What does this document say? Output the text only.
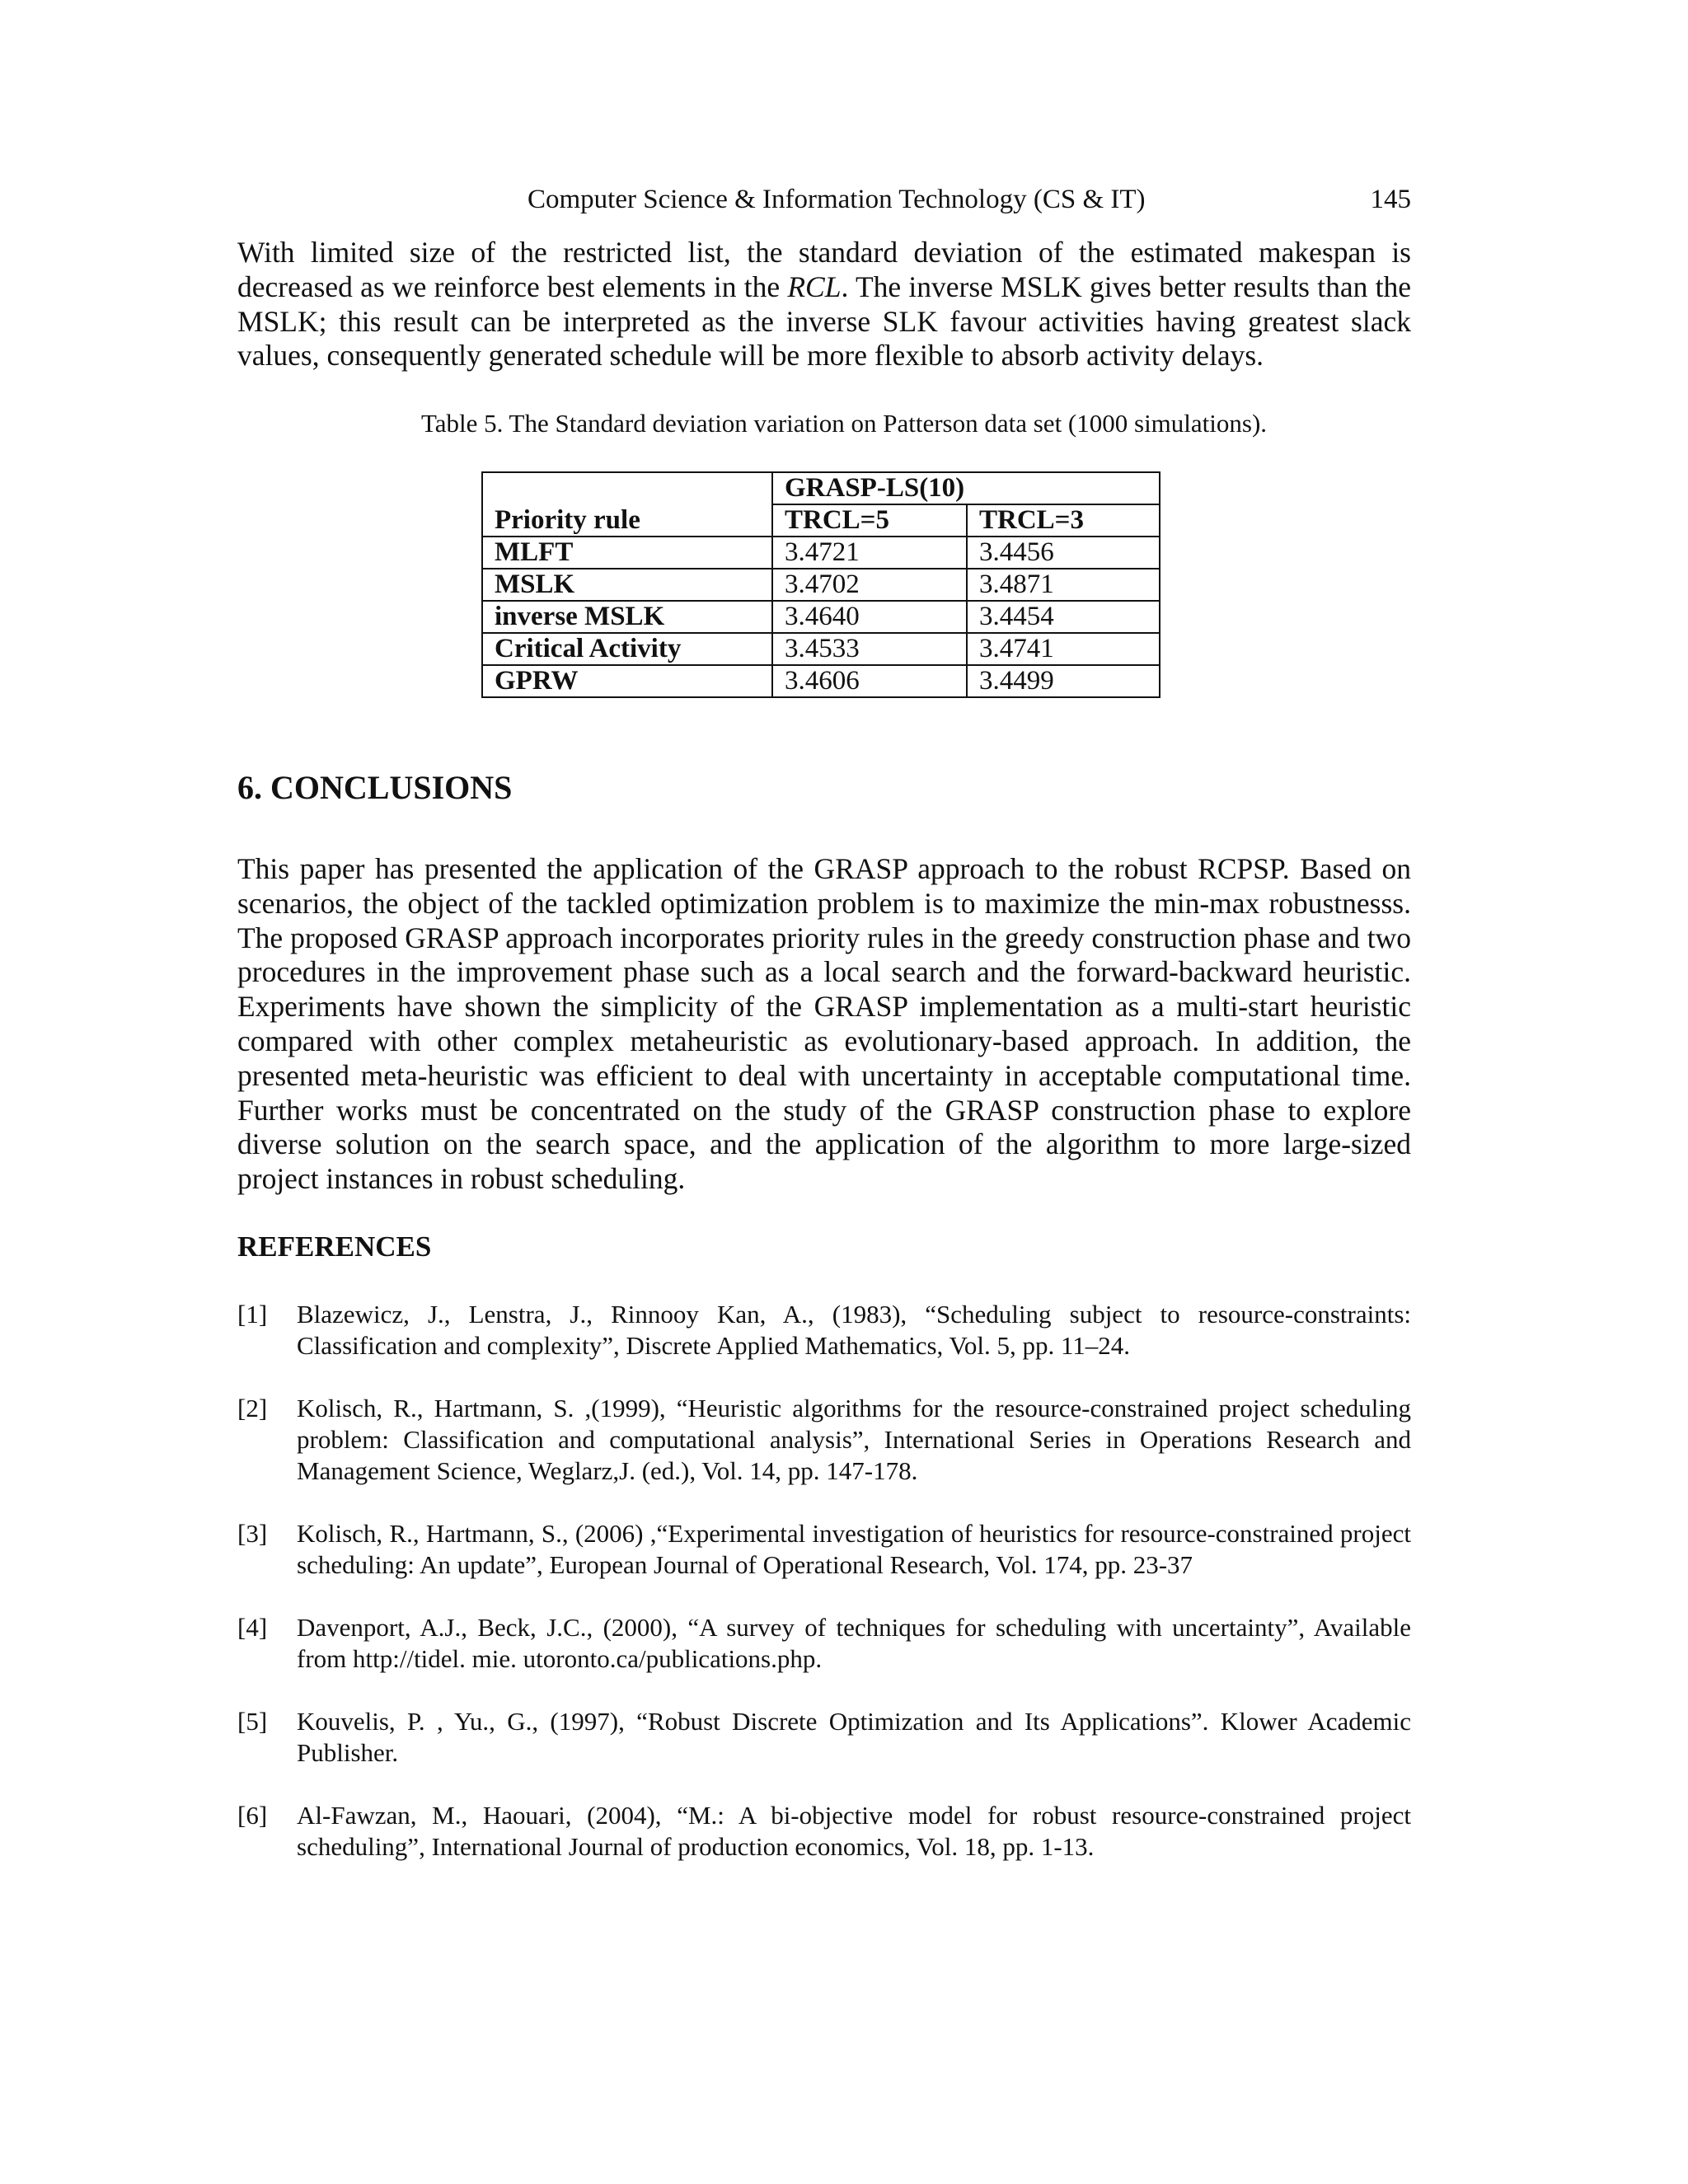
Computer Science & Information Technology (CS & IT)	145

With limited size of the restricted list, the standard deviation of the estimated makespan is decreased as we reinforce best elements in the RCL. The inverse MSLK gives better results than the MSLK; this result can be interpreted as the inverse SLK favour activities having greatest slack values, consequently generated schedule will be more flexible to absorb activity delays.

Table 5. The Standard deviation variation on Patterson data set (1000 simulations).
	GRASP-LS(10)	
Priority rule	TRCL=5	TRCL=3
MLFT	3.4721	3.4456
MSLK	3.4702	3.4871
inverse MSLK	3.4640	3.4454
Critical Activity	3.4533	3.4741
GPRW	3.4606	3.4499
6. CONCLUSIONS

This paper has presented the application of the GRASP approach to the robust RCPSP. Based on scenarios, the object of the tackled optimization problem is to maximize the min-max robustnesss. The proposed GRASP approach incorporates priority rules in the greedy construction phase and two procedures in the improvement phase such as a local search and the forward-backward heuristic. Experiments have shown the simplicity of the GRASP implementation as a multi-start heuristic compared with other complex metaheuristic as evolutionary-based approach. In addition, the presented meta-heuristic was efficient to deal with uncertainty in acceptable computational time. Further works must be concentrated on the study of the GRASP construction phase to explore diverse solution on the search space, and the application of the algorithm to more large-sized project instances in robust scheduling.

REFERENCES

[1] Blazewicz, J., Lenstra, J., Rinnooy Kan, A., (1983), “Scheduling subject to resource-constraints: Classification and complexity”, Discrete Applied Mathematics, Vol. 5, pp. 11–24.

[2] Kolisch, R., Hartmann, S. ,(1999), “Heuristic algorithms for the resource-constrained project scheduling problem: Classification and computational analysis”, International Series in Operations Research and Management Science, Weglarz,J. (ed.), Vol. 14, pp. 147-178.

[3] Kolisch, R., Hartmann, S., (2006) ,“Experimental investigation of heuristics for resource-constrained project scheduling: An update”, European Journal of Operational Research, Vol. 174, pp. 23-37

[4] Davenport, A.J., Beck, J.C., (2000), “A survey of techniques for scheduling with uncertainty”, Available from http://tidel. mie. utoronto.ca/publications.php.

[5] Kouvelis, P. , Yu., G., (1997), “Robust Discrete Optimization and Its Applications”. Klower Academic Publisher.

[6] Al-Fawzan, M., Haouari, (2004), “M.: A bi-objective model for robust resource-constrained project scheduling”, International Journal of production economics, Vol. 18, pp. 1-13.
